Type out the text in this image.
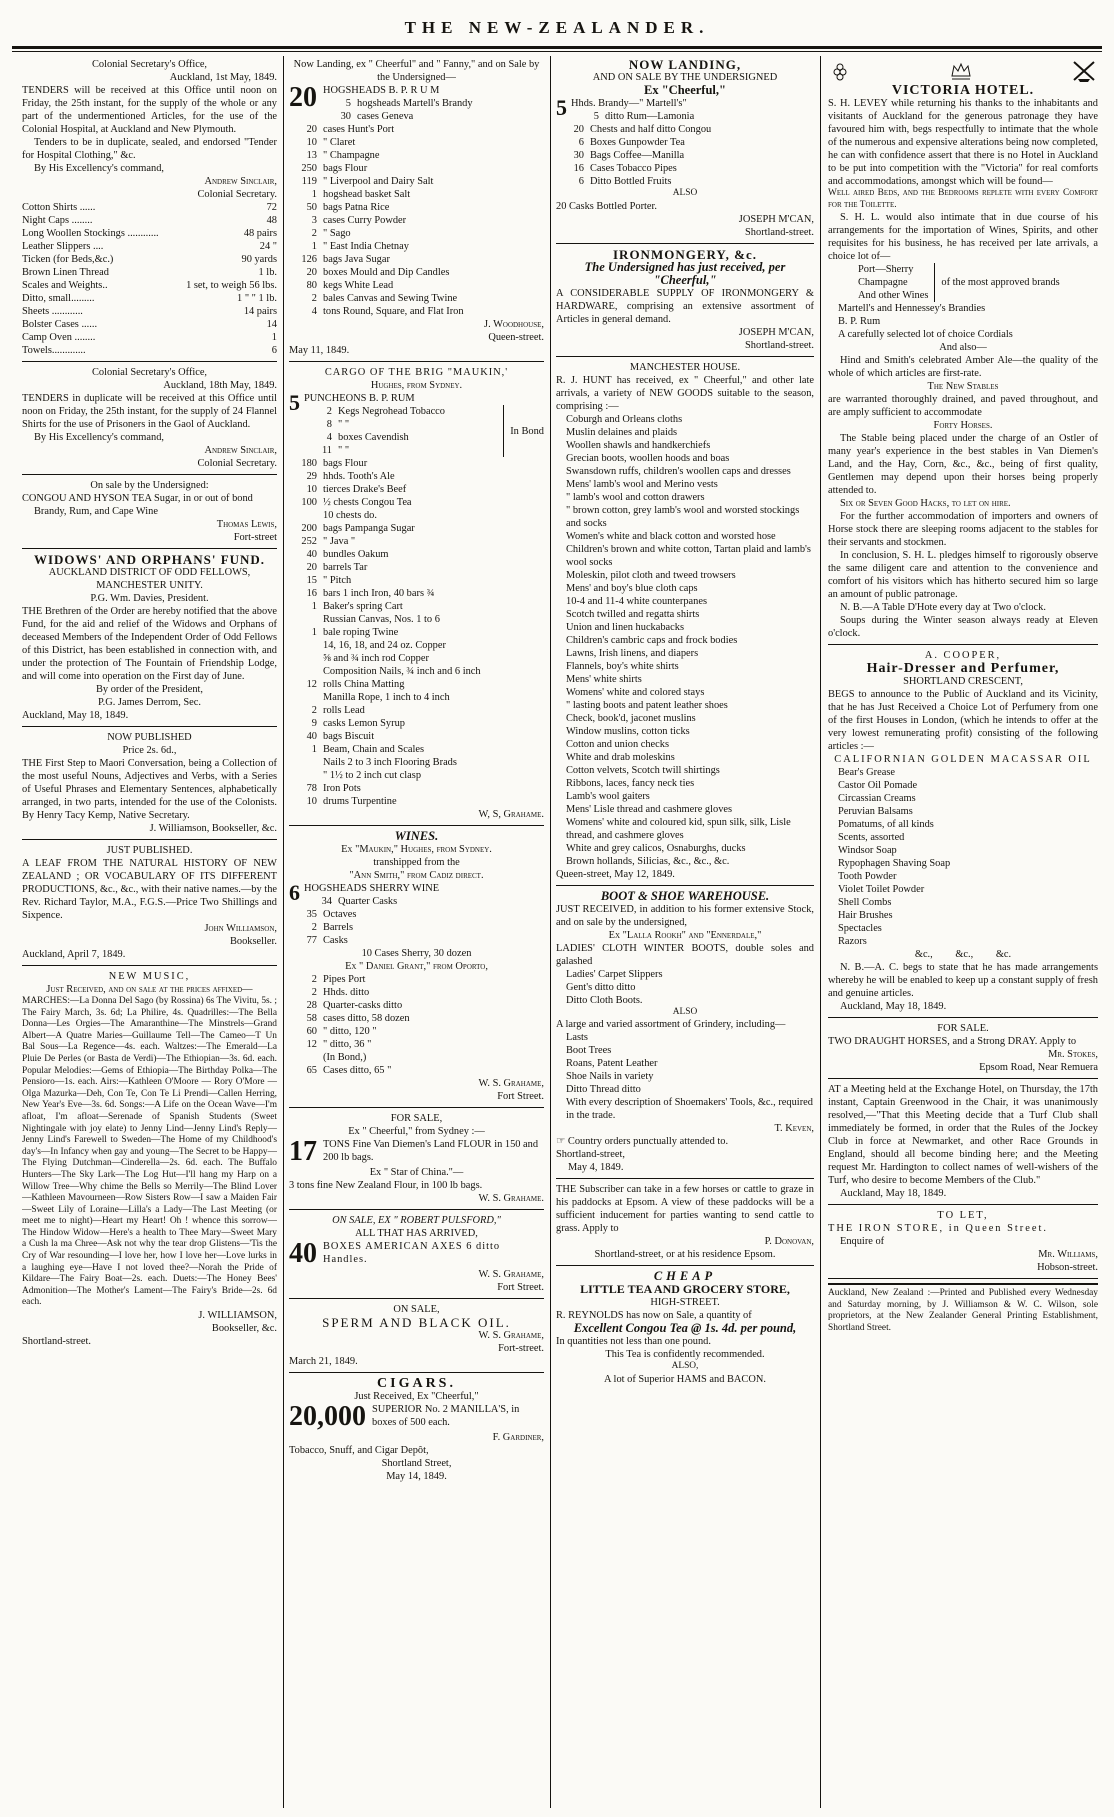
THE NEW-ZEALANDER.

Colonial Secretary's Office,

Auckland, 1st May, 1849.

TENDERS will be received at this Office until noon on Friday, the 25th instant, for the supply of the whole or any part of the undermentioned Articles, for the use of the Colonial Hospital, at Auckland and New Plymouth.

Tenders to be in duplicate, sealed, and endorsed "Tender for Hospital Clothing," &c.

By His Excellency's command,

Andrew Sinclair,

Colonial Secretary.

Cotton Shirts ......	72
Night Caps ........	48
Long Woollen Stockings ............	48 pairs
Leather Slippers ....	24 "
Ticken (for Beds,&c.)	90 yards
Brown Linen Thread	1 lb.
Scales and Weights..	1 set, to weigh 56 lbs.
Ditto, small.........	1 " " 1 lb.
Sheets ............	14 pairs
Bolster Cases ......	14
Camp Oven ........	1
Towels.............	6

Colonial Secretary's Office,

Auckland, 18th May, 1849.

TENDERS in duplicate will be received at this Office until noon on Friday, the 25th instant, for the supply of 24 Flannel Shirts for the use of Prisoners in the Gaol of Auckland.

By His Excellency's command,

Andrew Sinclair,

Colonial Secretary.

On sale by the Undersigned:

CONGOU AND HYSON TEA Sugar, in or out of bond

Brandy, Rum, and Cape Wine

Thomas Lewis,

Fort-street

WIDOWS' AND ORPHANS' FUND.

AUCKLAND DISTRICT OF ODD FELLOWS, MANCHESTER UNITY.

P.G. Wm. Davies, President.

THE Brethren of the Order are hereby notified that the above Fund, for the aid and relief of the Widows and Orphans of deceased Members of the Independent Order of Odd Fellows of this District, has been established in connection with, and under the protection of The Fountain of Friendship Lodge, and will come into operation on the First day of June.

By order of the President,

P.G. James Derrom, Sec.

Auckland, May 18, 1849.

NOW PUBLISHED

Price 2s. 6d.,

THE First Step to Maori Conversation, being a Collection of the most useful Nouns, Adjectives and Verbs, with a Series of Useful Phrases and Elementary Sentences, alphabetically arranged, in two parts, intended for the use of the Colonists. By Henry Tacy Kemp, Native Secretary.

J. Williamson, Bookseller, &c.

JUST PUBLISHED.

A LEAF FROM THE NATURAL HISTORY OF NEW ZEALAND ; OR VOCABULARY OF ITS DIFFERENT PRODUCTIONS, &c., &c., with their native names.—by the Rev. Richard Taylor, M.A., F.G.S.—Price Two Shillings and Sixpence.

John Williamson,

Bookseller.

Auckland, April 7, 1849.

NEW MUSIC,

Just Received, and on sale at the prices affixed—

MARCHES:—La Donna Del Sago (by Rossina) 6s The Vivitu, 5s. ; The Fairy March, 3s. 6d; La Philire, 4s. Quadrilles:—The Bella Donna—Les Orgies—The Amaranthine—The Minstrels—Grand Albert—A Quatre Maries—Guillaume Tell—The Cameo—T Un Bal Sous—La Regence—4s. each. Waltzes:—The Emerald—La Pluie De Perles (or Basta de Verdi)—The Ethiopian—3s. 6d. each. Popular Melodies:—Gems of Ethiopia—The Birthday Polka—The Pensioro—1s. each. Airs:—Kathleen O'Moore — Rory O'More — Olga Mazurka—Deh, Con Te, Con Te Li Prendi—Callen Herring, New Year's Eve—3s. 6d. Songs:—A Life on the Ocean Wave—I'm afloat, I'm afloat—Serenade of Spanish Students (Sweet Nightingale with joy elate) to Jenny Lind—Jenny Lind's Reply—Jenny Lind's Farewell to Sweden—The Home of my Childhood's day's—In Infancy when gay and young—The Secret to be Happy—The Flying Dutchman—Cinderella—2s. 6d. each. The Buffalo Hunters—The Sky Lark—The Log Hut—I'll hang my Harp on a Willow Tree—Why chime the Bells so Merrily—The Blind Lover—Kathleen Mavourneen—Row Sisters Row—I saw a Maiden Fair—Sweet Lily of Loraine—Lilla's a Lady—The Last Meeting (or meet me to night)—Heart my Heart! Oh ! whence this sorrow—The Hindow Widow—Here's a health to Thee Mary—Sweet Mary a Cush la ma Chree—Ask not why the tear drop Glistens—'Tis the Cry of War resounding—I love her, how I love her—Love lurks in a laughing eye—Have I not loved thee?—Norah the Pride of Kildare—The Fairy Boat—2s. each. Duets:—The Honey Bees' Admonition—The Mother's Lament—The Fairy's Bride—2s. 6d each.

J. WILLIAMSON,

Bookseller, &c.

Shortland-street.

Now Landing, ex " Cheerful" and " Fanny," and on Sale by the Undersigned—

20 HOGSHEADS B. P. R U M

5 hogsheads Martell's Brandy
30 cases Geneva
20 cases Hunt's Port
10 " Claret
13 " Champagne
250 bags Flour
119 " Liverpool and Dairy Salt
1 hogshead basket Salt
50 bags Patna Rice
3 cases Curry Powder
2 " Sago
1 " East India Chetnay
126 bags Java Sugar
20 boxes Mould and Dip Candles
80 kegs White Lead
2 bales Canvas and Sewing Twine
4 tons Round, Square, and Flat Iron

J. Woodhouse,

Queen-street.

May 11, 1849.

CARGO OF THE BRIG "MAUKIN,'

Hughes, from Sydney.

5 PUNCHEONS B. P. RUM

2 Kegs Negrohead Tobacco
8 " "
4 boxes Cavendish
11 " "
In Bond
180 bags Flour
29 hhds. Tooth's Ale
10 tierces Drake's Beef
100 ½ chests Congou Tea
10 chests do.
200 bags Pampanga Sugar
252 " Java "
40 bundles Oakum
20 barrels Tar
15 " Pitch
16 bars 1 inch Iron, 40 bars ¾
1 Baker's spring Cart
Russian Canvas, Nos. 1 to 6
1 bale roping Twine
14, 16, 18, and 24 oz. Copper
⅝ and ¾ inch rod Copper
Composition Nails, ¾ inch and 6 inch
12 rolls China Matting
Manilla Rope, 1 inch to 4 inch
2 rolls Lead
9 casks Lemon Syrup
40 bags Biscuit
1 Beam, Chain and Scales
Nails 2 to 3 inch Flooring Brads
" 1½ to 2 inch cut clasp
78 Iron Pots
10 drums Turpentine

W, S, Grahame.

WINES.

Ex "Maukin," Hughes, from Sydney.

transhipped from the

"Ann Smith," from Cadiz direct.

6 HOGSHEADS SHERRY WINE

34 Quarter Casks
35 Octaves
2 Barrels
77 Casks

10 Cases Sherry, 30 dozen

Ex " Daniel Grant," from Oporto,

2 Pipes Port
2 Hhds. ditto
28 Quarter-casks ditto
58 cases ditto, 58 dozen
60 " ditto, 120 "
12 " ditto, 36 "
(In Bond,)
65 Cases ditto, 65 "

W. S. Grahame,

Fort Street.

FOR SALE,

Ex " Cheerful," from Sydney :—

17 TONS Fine Van Diemen's Land FLOUR in 150 and 200 lb bags.

Ex " Star of China."—

3 tons fine New Zealand Flour, in 100 lb bags.

W. S. Grahame.

ON SALE, EX " ROBERT PULSFORD,"

ALL THAT HAS ARRIVED,

40 BOXES AMERICAN AXES 6 ditto Handles.

W. S. Grahame,

Fort Street.

ON SALE,

SPERM AND BLACK OIL.

W. S. Grahame,

Fort-street.

March 21, 1849.

CIGARS.

Just Received, Ex "Cheerful,"

20,000 SUPERIOR No. 2 MANILLA'S, in boxes of 500 each.

F. Gardiner,

Tobacco, Snuff, and Cigar Depôt,

Shortland Street,

May 14, 1849.

NOW LANDING,

AND ON SALE BY THE UNDERSIGNED

Ex "Cheerful,"

5 Hhds. Brandy—" Martell's"

5 ditto Rum—Lamonia
20 Chests and half ditto Congou
6 Boxes Gunpowder Tea
30 Bags Coffee—Manilla
16 Cases Tobacco Pipes
6 Ditto Bottled Fruits

ALSO

20 Casks Bottled Porter.

JOSEPH M'CAN,

Shortland-street.

IRONMONGERY, &c.

The Undersigned has just received, per "Cheerful,"

A CONSIDERABLE SUPPLY OF IRONMONGERY & HARDWARE, comprising an extensive assortment of Articles in general demand.

JOSEPH M'CAN,

Shortland-street.

MANCHESTER HOUSE.

R. J. HUNT has received, ex " Cheerful," and other late arrivals, a variety of NEW GOODS suitable to the season, comprising :—

Coburgh and Orleans cloths

Muslin delaines and plaids

Woollen shawls and handkerchiefs

Grecian boots, woollen hoods and boas

Swansdown ruffs, children's woollen caps and dresses

Mens' lamb's wool and Merino vests

" lamb's wool and cotton drawers

" brown cotton, grey lamb's wool and worsted stockings and socks

Women's white and black cotton and worsted hose

Children's brown and white cotton, Tartan plaid and lamb's wool socks

Moleskin, pilot cloth and tweed trowsers

Mens' and boy's blue cloth caps

10-4 and 11-4 white counterpanes

Scotch twilled and regatta shirts

Union and linen huckabacks

Children's cambric caps and frock bodies

Lawns, Irish linens, and diapers

Flannels, boy's white shirts

Mens' white shirts

Womens' white and colored stays

" lasting boots and patent leather shoes

Check, book'd, jaconet muslins

Window muslins, cotton ticks

Cotton and union checks

White and drab moleskins

Cotton velvets, Scotch twill shirtings

Ribbons, laces, fancy neck ties

Lamb's wool gaiters

Mens' Lisle thread and cashmere gloves

Womens' white and coloured kid, spun silk, silk, Lisle thread, and cashmere gloves

White and grey calicos, Osnaburghs, ducks

Brown hollands, Silicias, &c., &c., &c.

Queen-street, May 12, 1849.

BOOT & SHOE WAREHOUSE.

JUST RECEIVED, in addition to his former extensive Stock, and on sale by the undersigned,

Ex "Lalla Rookh" and "Ennerdale,"

LADIES' CLOTH WINTER BOOTS, double soles and galashed

Ladies' Carpet Slippers

Gent's ditto ditto

Ditto Cloth Boots.

ALSO

A large and varied assortment of Grindery, including—

Lasts

Boot Trees

Roans, Patent Leather

Shoe Nails in variety

Ditto Thread ditto

With every description of Shoemakers' Tools, &c., required in the trade.

T. Keven,

☞ Country orders punctually attended to.

Shortland-street,

May 4, 1849.

THE Subscriber can take in a few horses or cattle to graze in his paddocks at Epsom. A view of these paddocks will be a sufficient inducement for parties wanting to send cattle to grass. Apply to

P. Donovan,

Shortland-street, or at his residence Epsom.

CHEAP

LITTLE TEA AND GROCERY STORE,

HIGH-STREET.

R. REYNOLDS has now on Sale, a quantity of

Excellent Congou Tea @ 1s. 4d. per pound,

In quantities not less than one pound.

This Tea is confidently recommended.

ALSO,

A lot of Superior HAMS and BACON.

VICTORIA HOTEL.

S. H. LEVEY while returning his thanks to the inhabitants and visitants of Auckland for the generous patronage they have favoured him with, begs respectfully to intimate that the whole of the numerous and expensive alterations being now completed, he can with confidence assert that there is no Hotel in Auckland to be put into competition with the "Victoria" for real comforts and accommodations, amongst which will be found—

Well aired Beds, and the Bedrooms replete with every Comfort for the Toilette.

S. H. L. would also intimate that in due course of his arrangements for the importation of Wines, Spirits, and other requisites for his business, he has received per late arrivals, a choice lot of—

Port—Sherry

Champagne

And other Wines

of the most approved brands

Martell's and Hennessey's Brandies

B. P. Rum

A carefully selected lot of choice Cordials

And also—

Hind and Smith's celebrated Amber Ale—the quality of the whole of which articles are first-rate.

The New Stables

are warranted thoroughly drained, and paved throughout, and are amply sufficient to accommodate

Forty Horses.

The Stable being placed under the charge of an Ostler of many year's experience in the best stables in Van Diemen's Land, and the Hay, Corn, &c., &c., being of first quality, Gentlemen may depend upon their horses being properly attended to.

Six or Seven Good Hacks, to let on hire.

For the further accommodation of importers and owners of Horse stock there are sleeping rooms adjacent to the stables for their servants and stockmen.

In conclusion, S. H. L. pledges himself to rigorously observe the same diligent care and attention to the convenience and comfort of his visitors which has hitherto secured him so large an amount of public patronage.

N. B.—A Table D'Hote every day at Two o'clock.

Soups during the Winter season always ready at Eleven o'clock.

A. COOPER,

Hair-Dresser and Perfumer,

SHORTLAND CRESCENT,

BEGS to announce to the Public of Auckland and its Vicinity, that he has Just Received a Choice Lot of Perfumery from one of the first Houses in London, (which he intends to offer at the very lowest remunerating profit) consisting of the following articles :—

CALIFORNIAN GOLDEN MACASSAR OIL

Bear's Grease

Castor Oil Pomade

Circassian Creams

Peruvian Balsams

Pomatums, of all kinds

Scents, assorted

Windsor Soap

Rypophagen Shaving Soap

Tooth Powder

Violet Toilet Powder

Shell Combs

Hair Brushes

Spectacles

Razors

&c., &c., &c.

N. B.—A. C. begs to state that he has made arrangements whereby he will be enabled to keep up a constant supply of fresh and genuine articles.

Auckland, May 18, 1849.

FOR SALE.

TWO DRAUGHT HORSES, and a Strong DRAY. Apply to

Mr. Stokes,

Epsom Road, Near Remuera

AT a Meeting held at the Exchange Hotel, on Thursday, the 17th instant, Captain Greenwood in the Chair, it was unanimously resolved,—"That this Meeting decide that a Turf Club shall immediately be formed, in order that the Rules of the Jockey Club in force at Newmarket, and other Race Grounds in England, should all become binding here; and the Meeting request Mr. Hardington to collect names of well-wishers of the Turf, who desire to become Members of the Club."

Auckland, May 18, 1849.

TO LET,

THE IRON STORE, in Queen Street.

Enquire of

Mr. Williams,

Hobson-street.

Auckland, New Zealand :—Printed and Published every Wednesday and Saturday morning, by J. Williamson & W. C. Wilson, sole proprietors, at the New Zealander General Printing Establishment, Shortland Street.
